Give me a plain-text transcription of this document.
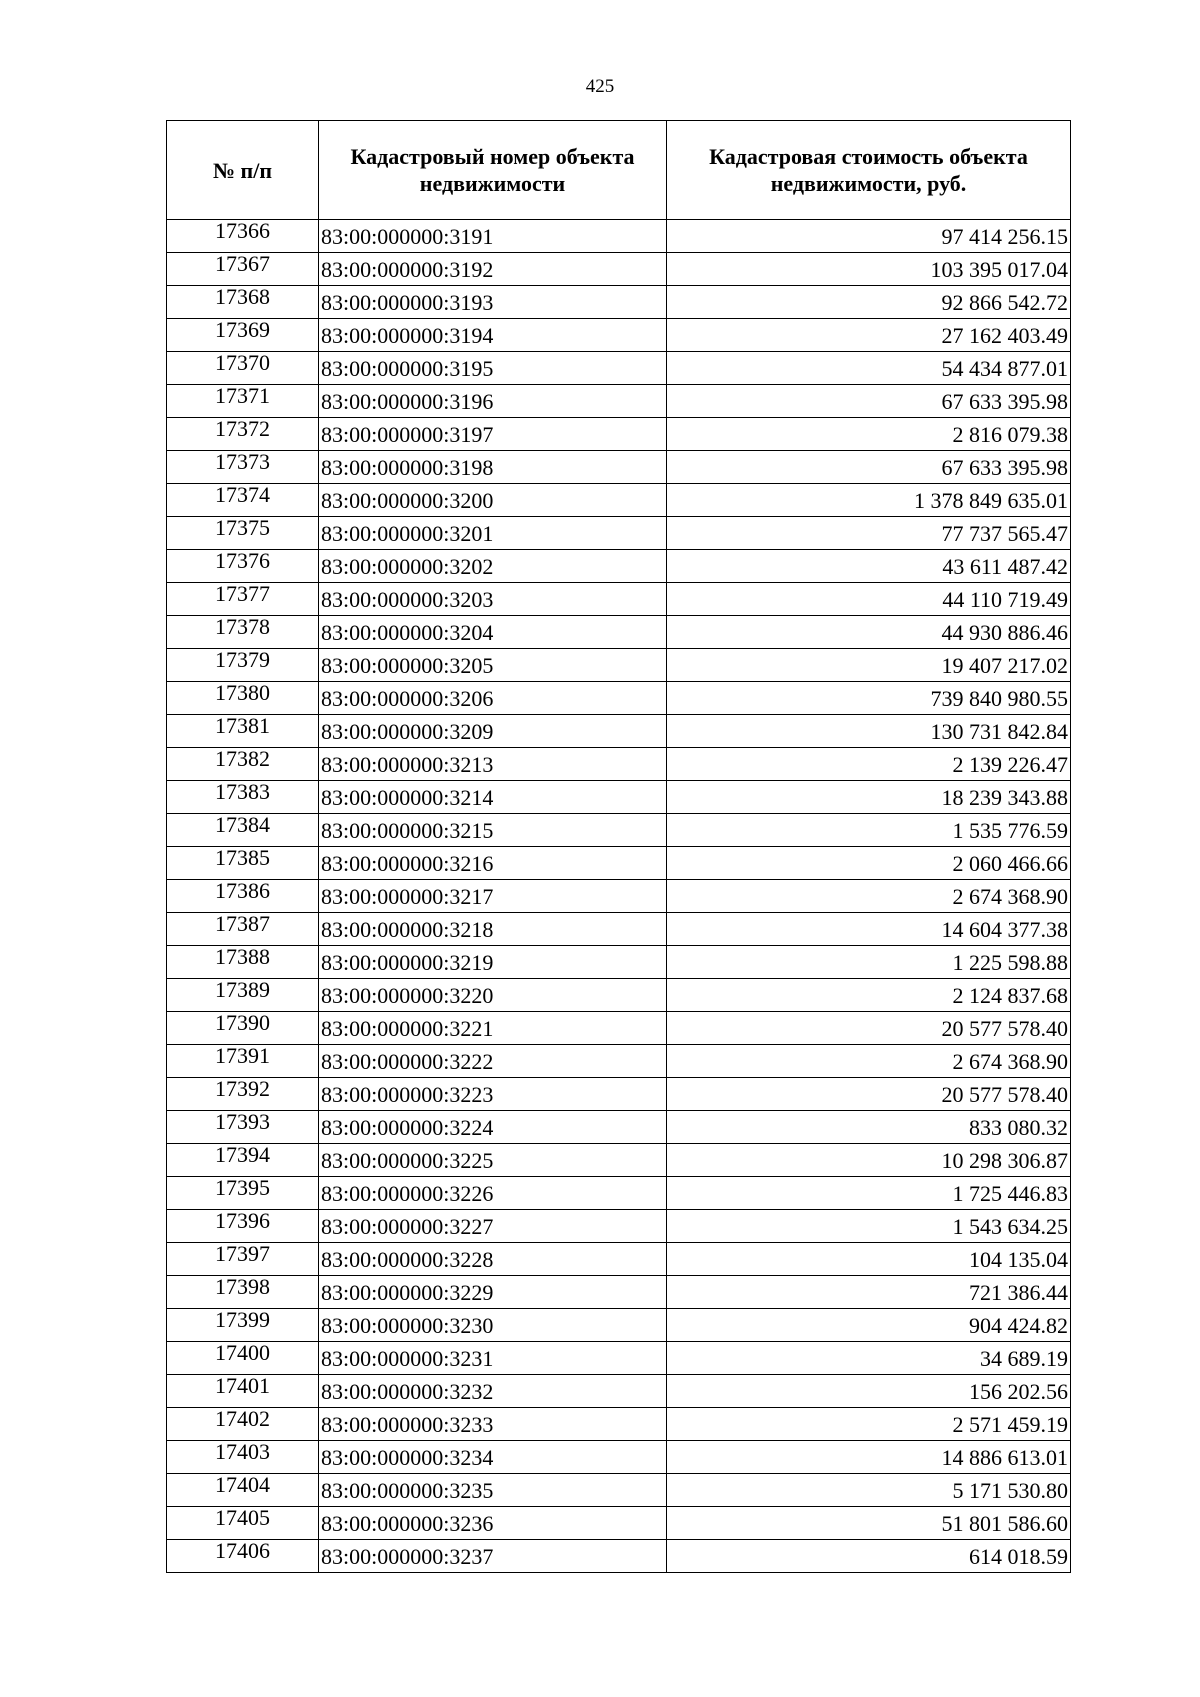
425
№ п/п	Кадастровый номер объекта недвижимости	Кадастровая стоимость объекта недвижимости, руб.
17366	83:00:000000:3191	97 414 256.15
17367	83:00:000000:3192	103 395 017.04
17368	83:00:000000:3193	92 866 542.72
17369	83:00:000000:3194	27 162 403.49
17370	83:00:000000:3195	54 434 877.01
17371	83:00:000000:3196	67 633 395.98
17372	83:00:000000:3197	2 816 079.38
17373	83:00:000000:3198	67 633 395.98
17374	83:00:000000:3200	1 378 849 635.01
17375	83:00:000000:3201	77 737 565.47
17376	83:00:000000:3202	43 611 487.42
17377	83:00:000000:3203	44 110 719.49
17378	83:00:000000:3204	44 930 886.46
17379	83:00:000000:3205	19 407 217.02
17380	83:00:000000:3206	739 840 980.55
17381	83:00:000000:3209	130 731 842.84
17382	83:00:000000:3213	2 139 226.47
17383	83:00:000000:3214	18 239 343.88
17384	83:00:000000:3215	1 535 776.59
17385	83:00:000000:3216	2 060 466.66
17386	83:00:000000:3217	2 674 368.90
17387	83:00:000000:3218	14 604 377.38
17388	83:00:000000:3219	1 225 598.88
17389	83:00:000000:3220	2 124 837.68
17390	83:00:000000:3221	20 577 578.40
17391	83:00:000000:3222	2 674 368.90
17392	83:00:000000:3223	20 577 578.40
17393	83:00:000000:3224	833 080.32
17394	83:00:000000:3225	10 298 306.87
17395	83:00:000000:3226	1 725 446.83
17396	83:00:000000:3227	1 543 634.25
17397	83:00:000000:3228	104 135.04
17398	83:00:000000:3229	721 386.44
17399	83:00:000000:3230	904 424.82
17400	83:00:000000:3231	34 689.19
17401	83:00:000000:3232	156 202.56
17402	83:00:000000:3233	2 571 459.19
17403	83:00:000000:3234	14 886 613.01
17404	83:00:000000:3235	5 171 530.80
17405	83:00:000000:3236	51 801 586.60
17406	83:00:000000:3237	614 018.59
